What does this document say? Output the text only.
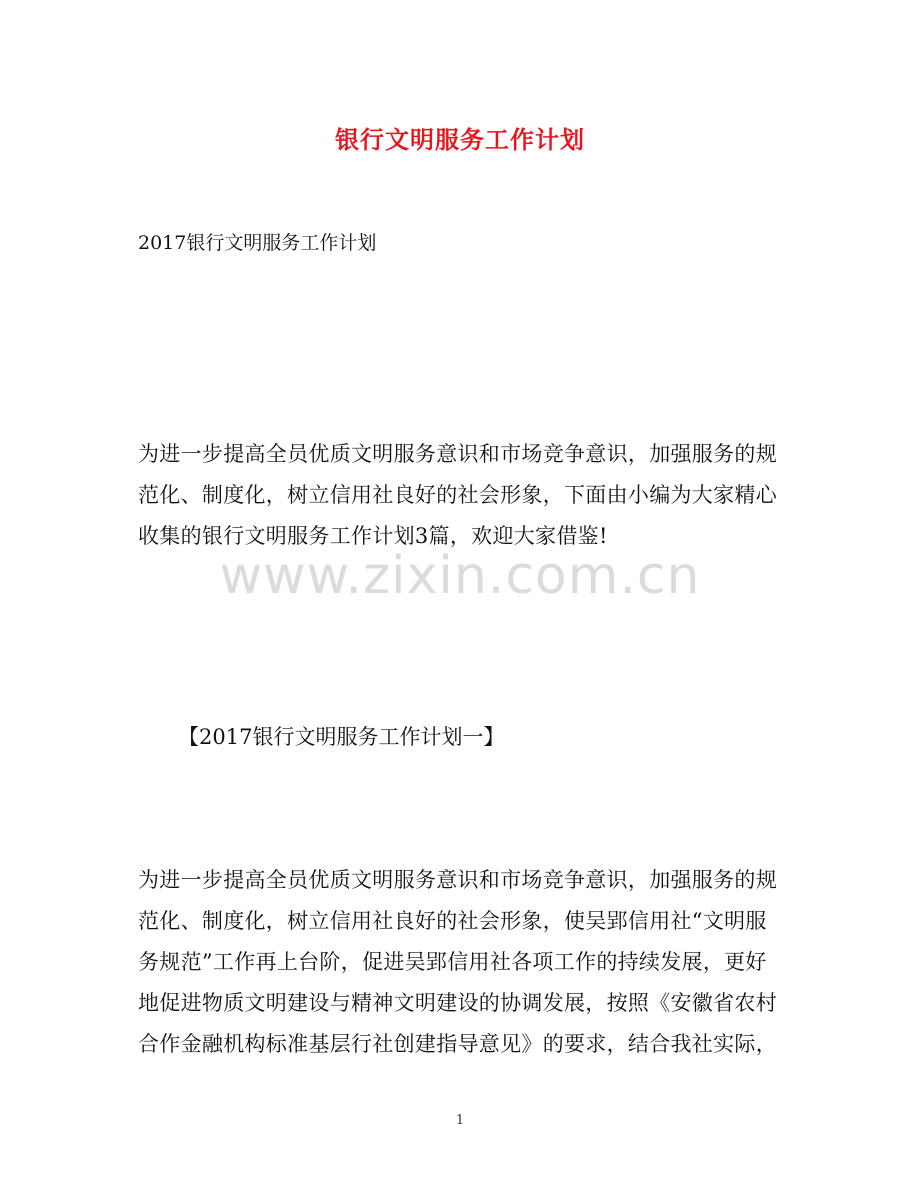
银行文明服务工作计划
2017银行文明服务工作计划
为进一步提高全员优质文明服务意识和市场竞争意识，加强服务的规
范化、制度化，树立信用社良好的社会形象，下面由小编为大家精心
收集的银行文明服务工作计划3篇，欢迎大家借鉴!
www.zixin.com.cn
【2017银行文明服务工作计划一】
为进一步提高全员优质文明服务意识和市场竞争意识，加强服务的规
范化、制度化，树立信用社良好的社会形象，使吴郢信用社“文明服
务规范”工作再上台阶，促进吴郢信用社各项工作的持续发展，更好
地促进物质文明建设与精神文明建设的协调发展，按照《安徽省农村
合作金融机构标准基层行社创建指导意见》的要求，结合我社实际，
1
